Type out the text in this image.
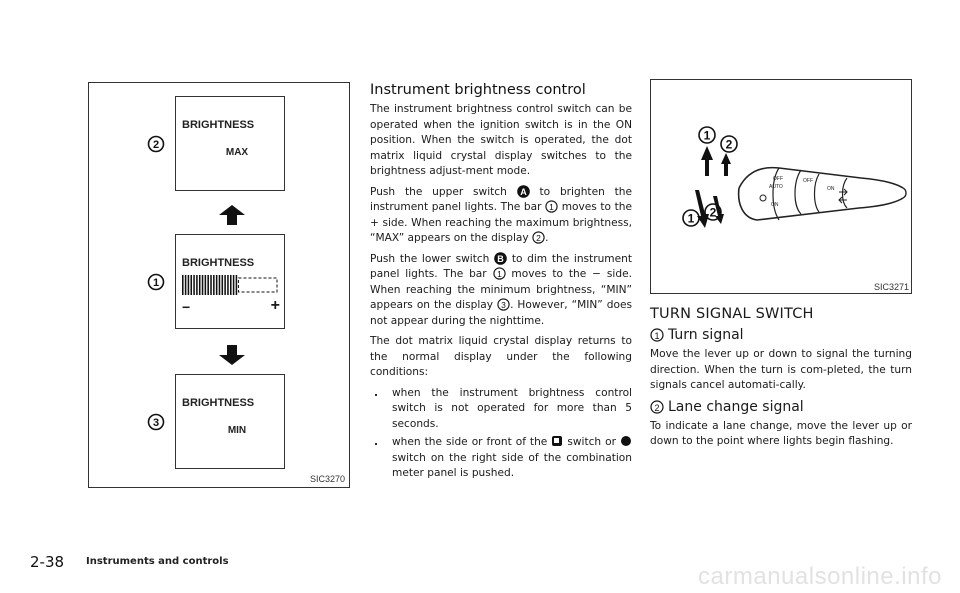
2
BRIGHTNESS
MAX
1
BRIGHTNESS
−	+
3
BRIGHTNESS
MIN
SIC3270
Instrument brightness control

The instrument brightness control switch can be operated when the ignition switch is in the ON position. When the switch is operated, the dot matrix liquid crystal display switches to the brightness adjust-ment mode.

Push the upper switch A to brighten the instrument panel lights. The bar 1 moves to the + side. When reaching the maximum brightness, “MAX” appears on the display 2 .

Push the lower switch B to dim the instrument panel lights. The bar 1 moves to the − side. When reaching the minimum brightness, “MIN” appears on the display 3 . However, “MIN” does not appear during the nighttime.

The dot matrix liquid crystal display returns to the normal display under the following conditions:

. when the instrument brightness control switch is not operated for more than 5 seconds.
. when the side or front of the switch or  switch on the right side of the combination meter panel is pushed.
OFF
AUTO
OFF
ON
ON
1
2
1 2
SIC3271
TURN SIGNAL SWITCH
1 Turn signal

Move the lever up or down to signal the turning direction. When the turn is com-pleted, the turn signals cancel automati-cally.

2 Lane change signal

To indicate a lane change, move the lever up or down to the point where lights begin flashing.

2-38 Instruments and controls
carmanualsonline.info
